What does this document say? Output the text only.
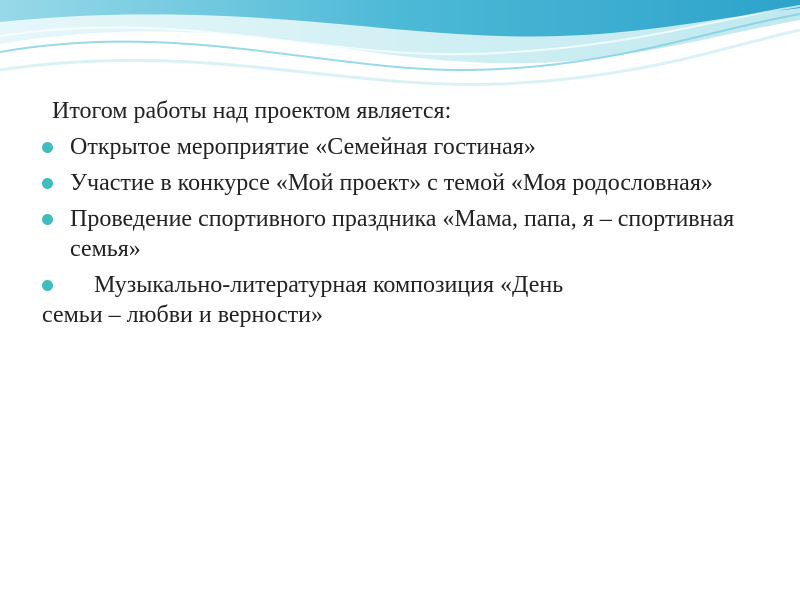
Итогом работы над проектом является:

Открытое мероприятие «Семейная гостиная»
Участие в конкурсе «Мой проект» с темой «Моя родословная»
Проведение спортивного праздника «Мама, папа, я – спортивная семья»
Музыкально-литературная композиция «День
семьи – любви и верности»
